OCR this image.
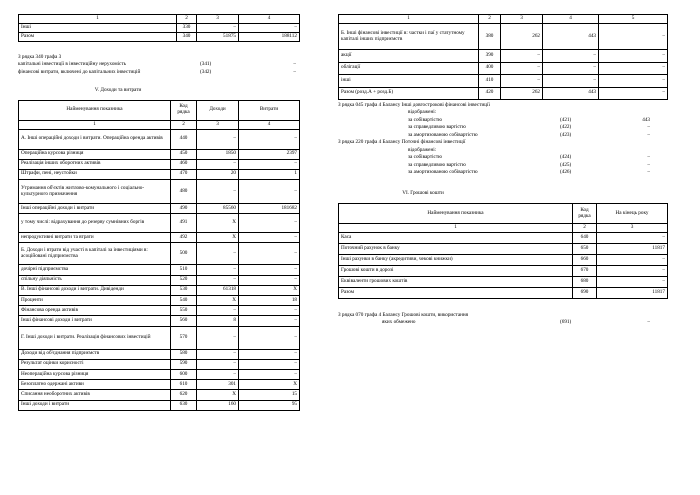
1	2	3	4
Інші	330	–	–
Разом	340	51875	188112
З рядка 340 графа 3
капітальні інвестиції в інвестиційну нерухомість	(341)	–
фінансові витрати, включені до капітальних інвестицій	(342)	–
V. Доходи та витрати
Найменування показника	Код рядка	Доходи	Витрати
1	2	3	4
А. Інші операційні доходи і витрати. Операційна оренда активів	440	–	–
Операційна курсова різниця	450	1850	2397
Реалізація інших оборотних активів	460	–	–
Штрафи, пені, неустойки	470	20	1
Утримання об'єктів житлово-комунального і соціально-культурного призначення	480	–	–
Інші операційні доходи і витрати	490	85560	181682
у тому числі: відрахування до резерву сумнівних боргів	491	X	–
непродуктивні витрати та втрати	492	X	–
Б. Доходи і втрати від участі в капіталі за інвестиціями в: асоційовані підприємства	500	–	–
дочірні підприємства	510	–	–
спільну діяльність	520	–	–
В. Інші фінансові доходи і витрати. Дивіденди	530	61318	X
Проценти	540	X	18
Фінансова оренда активів	550	–	–
Інші фінансові доходи і витрати	560	8	–
Г. Інші доходи і витрати. Реалізація фінансових інвестицій	570	–	–
Доходи від об'єднання підприємств	580	–	–
Результат оцінки корисності	590	–	–
Неопераційна курсова різниця	600	–	–
Безоплатно одержані активи	610	301	X
Списання необоротних активів	620	X	15
Інші доходи і витрати	630	160	95
1	2	3	4	5
Б. Інші фінансові інвестиції в: частки і паї у статутному капіталі інших підприємств	380	262	443	–
акції	390	–	–	–
облігації	400	–	–	–
інші	410	–	–	–
Разом (розд.А + розд.Б)	420	262	443	–
З рядка 045 графа 4 Балансу Інші довгострокові фінансові інвестиції
відображені:
за собівартістю	(421)	443
за справедливою вартістю	(422)	–
за амортизованою собівартістю	(423)	–
З рядка 220 графа 4 Балансу Поточні фінансові інвестиції
відображені:
за собівартістю	(424)	–
за справедливою вартістю	(425)	–
за амортизованою собівартістю	(426)	–
VI. Грошові кошти
Найменування показника	Код рядка	На кінець року
1	2	3
Каса	640	–
Поточний рахунок в банку	650	11817
Інші рахунки в банку (акредитиви, чекові книжки)	660	–
Грошові кошти в дорозі	670	–
Еквіваленти грошових коштів	680	–
Разом	690	11817
З рядка 070 графа 4 Балансу Грошові кошти, використання
яких обмежено	(691)	–
